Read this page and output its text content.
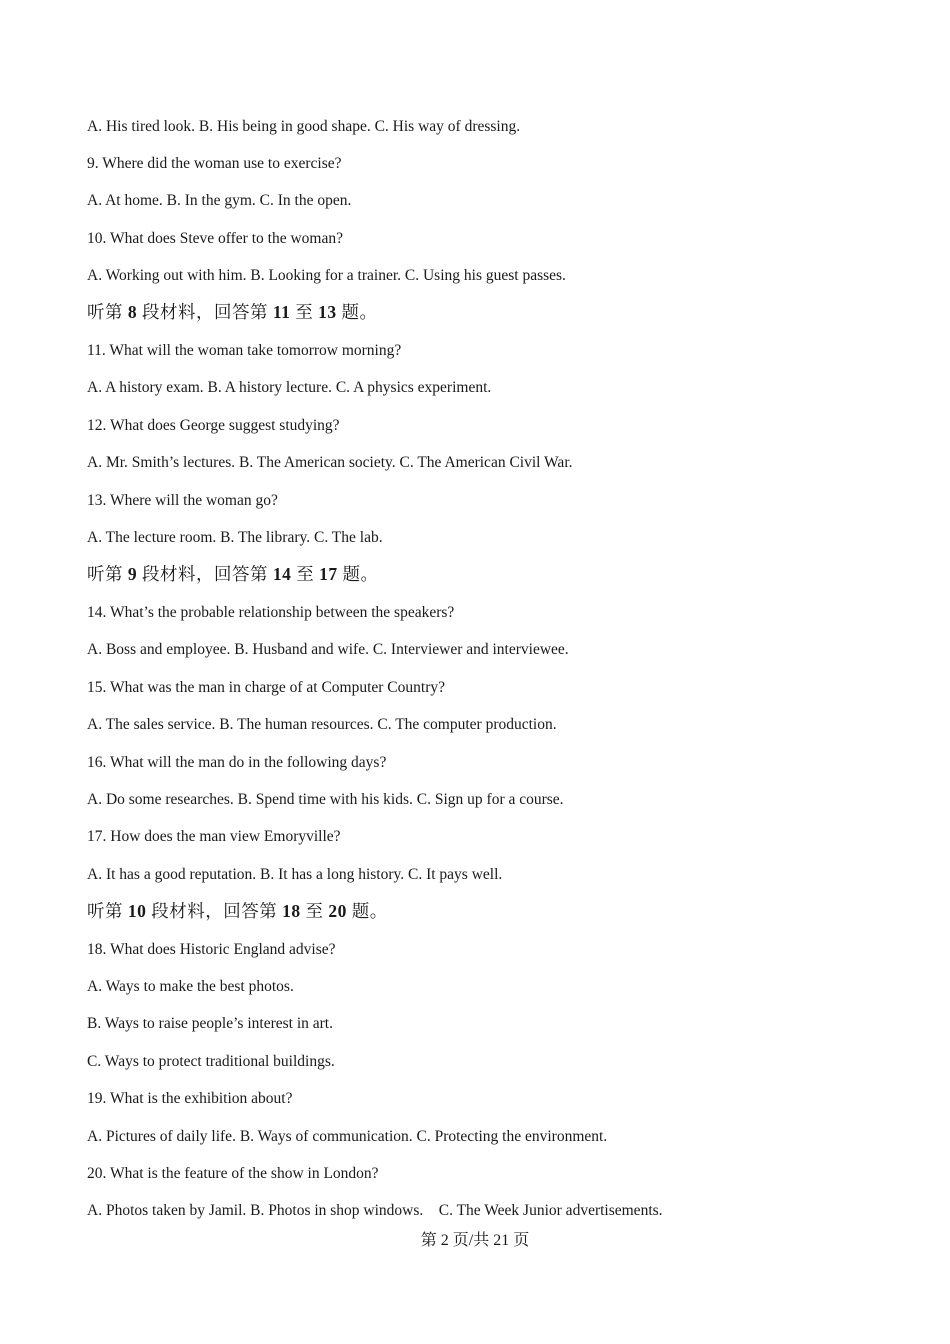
A. His tired look. B. His being in good shape. C. His way of dressing.
9. Where did the woman use to exercise?
A. At home. B. In the gym. C. In the open.
10. What does Steve offer to the woman?
A. Working out with him. B. Looking for a trainer. C. Using his guest passes.
听第 8 段材料，回答第 11 至 13 题。
11. What will the woman take tomorrow morning?
A. A history exam. B. A history lecture. C. A physics experiment.
12. What does George suggest studying?
A. Mr. Smith’s lectures. B. The American society. C. The American Civil War.
13. Where will the woman go?
A. The lecture room. B. The library. C. The lab.
听第 9 段材料，回答第 14 至 17 题。
14. What’s the probable relationship between the speakers?
A. Boss and employee. B. Husband and wife. C. Interviewer and interviewee.
15. What was the man in charge of at Computer Country?
A. The sales service. B. The human resources. C. The computer production.
16. What will the man do in the following days?
A. Do some researches. B. Spend time with his kids. C. Sign up for a course.
17. How does the man view Emoryville?
A. It has a good reputation. B. It has a long history. C. It pays well.
听第 10 段材料，回答第 18 至 20 题。
18. What does Historic England advise?
A. Ways to make the best photos.
B. Ways to raise people’s interest in art.
C. Ways to protect traditional buildings.
19. What is the exhibition about?
A. Pictures of daily life. B. Ways of communication. C. Protecting the environment.
20. What is the feature of the show in London?
A. Photos taken by Jamil. B. Photos in shop windows.    C. The Week Junior advertisements.
第 2 页/共 21 页
